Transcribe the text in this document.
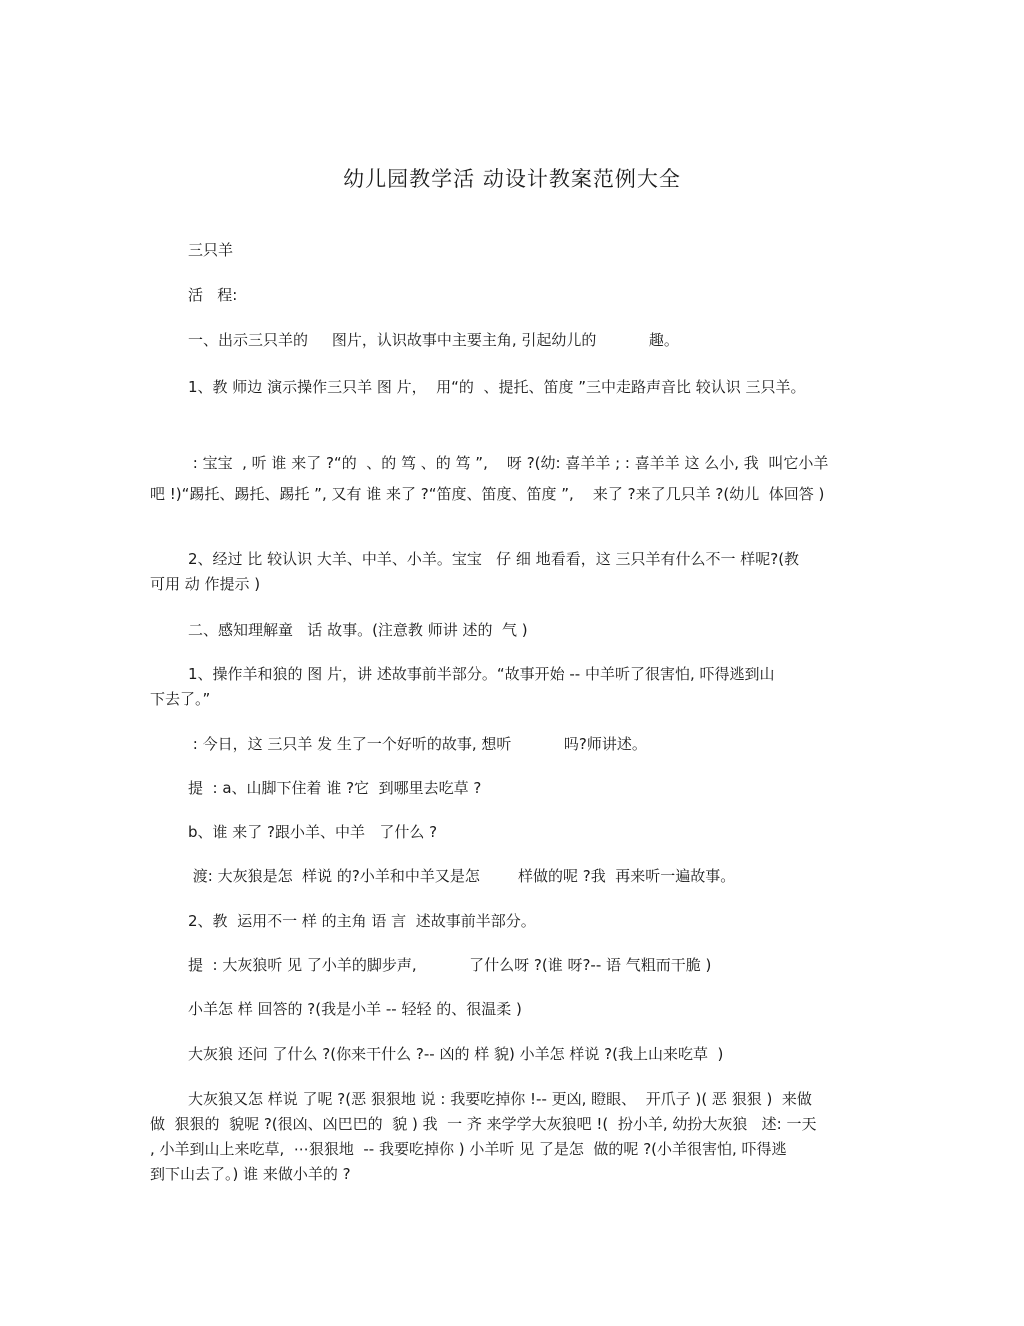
幼儿园教学活 动设计教案范例大全
三只羊
活   程:
一、出示三只羊的     图片，认识故事中主要主角, 引起幼儿的           趣。
1、教 师边 演示操作三只羊 图 片，  用“的  、提托、笛度 ”三中走路声音比 较认识 三只羊。
: 宝宝  , 听 谁 来了 ?“的  、的 笃 、的 笃 ”,    呀 ?(幼: 喜羊羊 ; : 喜羊羊 这 么小, 我  叫它小羊
吧 !)“踢托、踢托、踢托 ”, 又有 谁 来了 ?“笛度、笛度、笛度 ”,    来了 ?来了几只羊 ?(幼儿  体回答 )
2、经过 比 较认识 大羊、中羊、小羊。宝宝   仔 细 地看看，这 三只羊有什么不一 样呢?(教
可用 动 作提示 )
二、感知理解童   话 故事。(注意教 师讲 述的  气 )
1、操作羊和狼的 图 片，讲 述故事前半部分。“故事开始 -- 中羊听了很害怕, 吓得逃到山
下去了。”
: 今日，这 三只羊 发 生了一个好听的故事, 想听           吗?师讲述。
提  : a、山脚下住着 谁 ?它  到哪里去吃草 ?
b、谁 来了 ?跟小羊、中羊   了什么 ?
渡: 大灰狼是怎  样说 的?小羊和中羊又是怎        样做的呢 ?我  再来听一遍故事。
2、教  运用不一 样 的主角 语 言  述故事前半部分。
提  : 大灰狼听 见 了小羊的脚步声,           了什么呀 ?(谁 呀?-- 语 气粗而干脆 )
小羊怎 样 回答的 ?(我是小羊 -- 轻轻 的、很温柔 )
大灰狼 还问 了什么 ?(你来干什么 ?-- 凶的 样 貌) 小羊怎 样说 ?(我上山来吃草  )
大灰狼又怎 样说 了呢 ?(恶 狠狠地 说 : 我要吃掉你 !-- 更凶, 瞪眼、  开爪子 )( 恶 狠狠 )  来做
做  狠狠的  貌呢 ?(很凶、凶巴巴的  貌 ) 我  一 齐 来学学大灰狼吧 !(  扮小羊, 幼扮大灰狼   述: 一天
, 小羊到山上来吃草,  ⋯狠狠地  -- 我要吃掉你 ) 小羊听 见 了是怎  做的呢 ?(小羊很害怕, 吓得逃
到下山去了。) 谁 来做小羊的 ?
